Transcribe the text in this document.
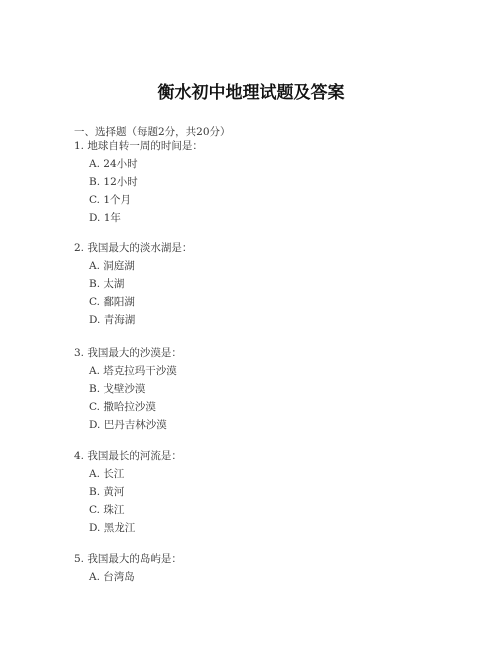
衡水初中地理试题及答案

一、选择题（每题2分，共20分）

1. 地球自转一周的时间是：
A. 24小时
B. 12小时
C. 1个月
D. 1年
2. 我国最大的淡水湖是：
A. 洞庭湖
B. 太湖
C. 鄱阳湖
D. 青海湖
3. 我国最大的沙漠是：
A. 塔克拉玛干沙漠
B. 戈壁沙漠
C. 撒哈拉沙漠
D. 巴丹吉林沙漠
4. 我国最长的河流是：
A. 长江
B. 黄河
C. 珠江
D. 黑龙江
5. 我国最大的岛屿是：
A. 台湾岛
